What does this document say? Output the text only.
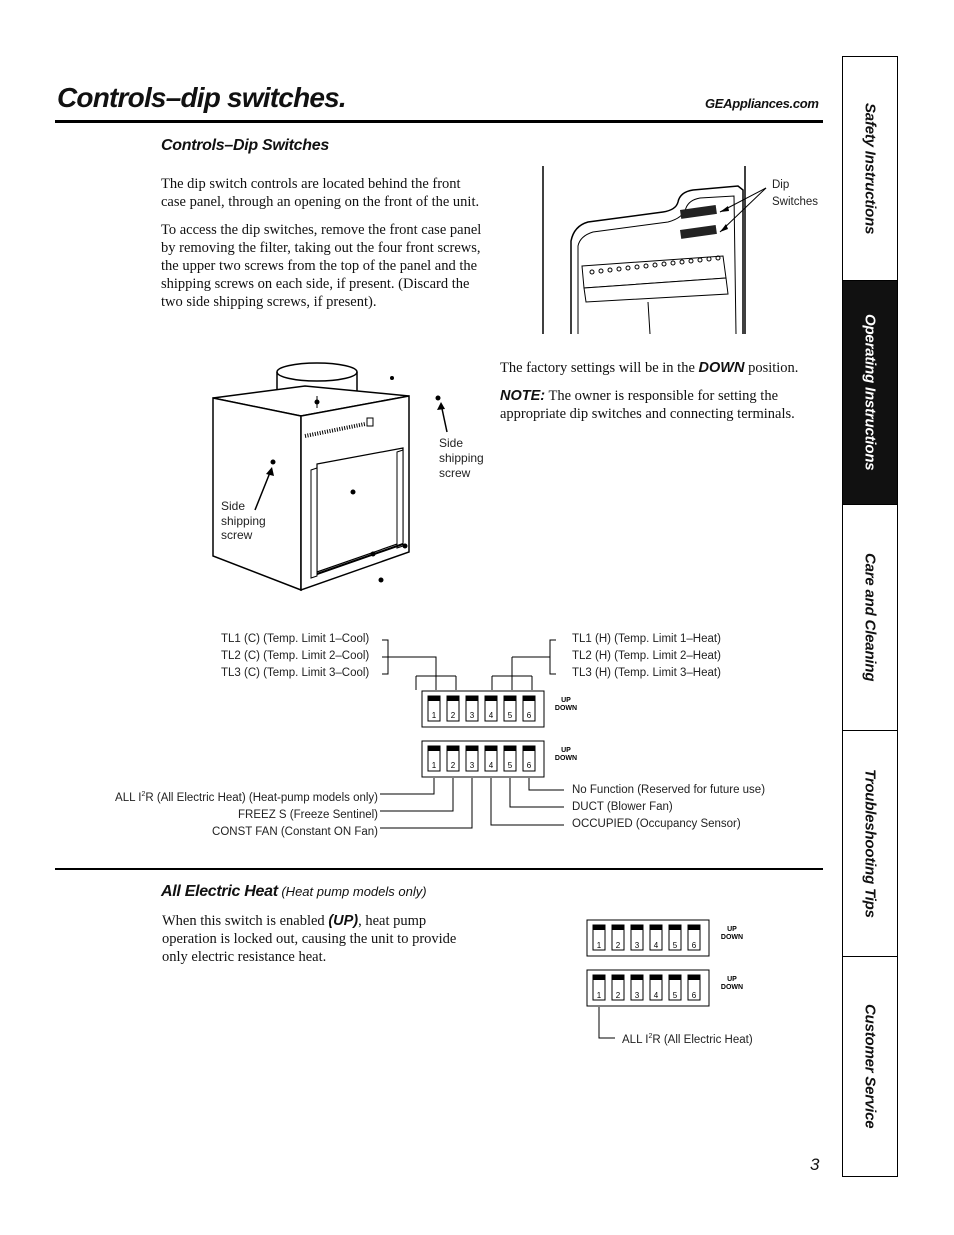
Controls–dip switches.	GEAppliances.com
Controls–Dip Switches

The dip switch controls are located behind the front case panel, through an opening on the front of the unit.

To access the dip switches, remove the front case panel by removing the filter, taking out the four front screws, the upper two screws from the top of the panel and the shipping screws on each side, if present. (Discard the two side shipping screws, if present).

Dip
Switches

The factory settings will be in the DOWN position.

NOTE: The owner is responsible for setting the appropriate dip switches and connecting terminals.

Side
shipping
screw
Side
shipping
screw
TL1 (C) (Temp. Limit 1–Cool)
TL2 (C) (Temp. Limit 2–Cool)
TL3 (C) (Temp. Limit 3–Cool)
TL1 (H) (Temp. Limit 1–Heat)
TL2 (H) (Temp. Limit 2–Heat)
TL3 (H) (Temp. Limit 3–Heat)
ALL $I^2R$ (All Electric Heat) (Heat-pump models only)
FREEZ S (Freeze Sentinel)
CONST FAN (Constant ON Fan)
No Function (Reserved for future use)
DUCT (Blower Fan)
OCCUPIED (Occupancy Sensor)
1 2 3 4 5 6
UP
DOWN
1 2 3 4 5 6
UP
DOWN
All Electric Heat (Heat pump models only)
When this switch is enabled (UP), heat pump operation is locked out, causing the unit to provide only electric resistance heat.
1 2 3 4 5 6
UP
DOWN
1 2 3 4 5 6
UP
DOWN
ALL $I^2R$ (All Electric Heat)
Safety Instructions
Operating Instructions
Care and Cleaning
Troubleshooting Tips
Customer Service
3
